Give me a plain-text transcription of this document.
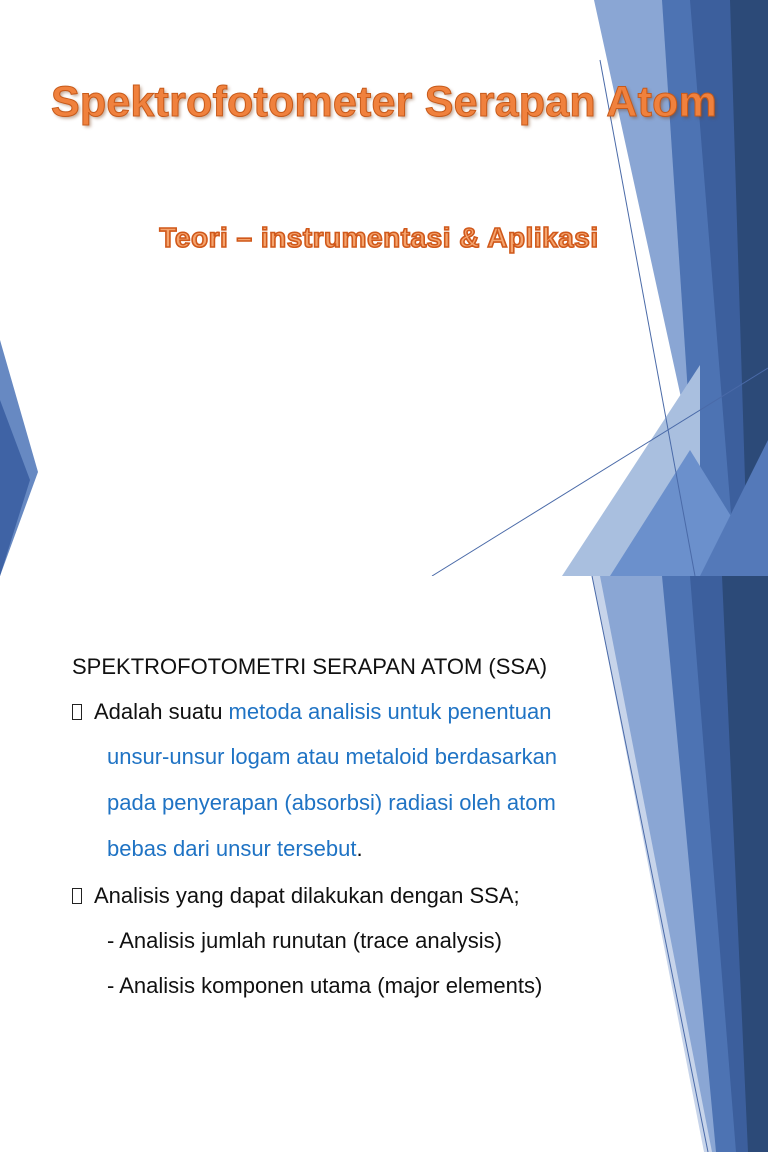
Spektrofotometer Serapan Atom
Teori – instrumentasi & Aplikasi
SPEKTROFOTOMETRI SERAPAN ATOM (SSA)
Adalah suatu metoda analisis untuk penentuan
unsur-unsur logam atau metaloid berdasarkan
pada penyerapan (absorbsi) radiasi oleh atom
bebas dari unsur tersebut.
Analisis yang dapat dilakukan dengan SSA;
- Analisis jumlah runutan (trace analysis)
- Analisis komponen utama (major elements)
